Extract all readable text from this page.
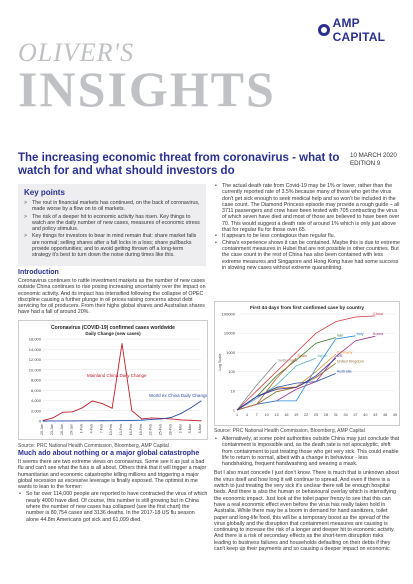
AMP CAPITAL
OLIVER'S
INSIGHTS
The increasing economic threat from coronavirus - what to watch for and what should investors do
10 MARCH 2020
EDITION 9
Key points
> The rout in financial markets has continued, on the back of coronavirus, made worse by a flow on to oil markets.
> The risk of a deeper hit to economic activity has risen. Key things to watch are the daily number of new cases, measures of economic stress and policy stimulus.
> Key things for investors to bear in mind remain that: share market falls are normal; selling shares after a fall locks in a loss; share pullbacks provide opportunities; and to avoid getting thrown off a long-term strategy it's best to turn down the noise during times like this.
Introduction
Coronavirus continues to rattle investment markets as the number of new cases outside China continues to rise posing increasing uncertainty over the impact on economic activity. And its impact has intensified following the collapse of OPEC discipline causing a further plunge in oil prices raising concerns about debt servicing for oil producers. From their highs global shares and Australian shares have had a fall of around 20%.
Coronavirus (COVID-19) confirmed cases worldwide
Daily Change (new cases)
Mainland China Daily Change
World ex China Daily Change
0
2,000
4,000
6,000
8,000
10,000
12,000
14,000
16,000
20-Jan 23-Jan 26-Jan 29-Jan 1-Feb 4-Feb 7-Feb 10-Feb 13-Feb 16-Feb 19-Feb 22-Feb 25-Feb 28-Feb 2-Mar 5-Mar 8-Mar
Source: PRC National Health Commission, Bloomberg, AMP Capital
Much ado about nothing or a major global catastrophe
It seems there are two extreme views on coronavirus. Some see it as just a bad flu and can't see what the fuss is all about. Others think that it will trigger a major humanitarian and economic catastrophe killing millions and triggering a major global recession as excessive leverage is finally exposed. The optimist in me wants to lean to the former:
• So far over 114,000 people are reported to have contracted the virus of which nearly 4000 have died. Of course, this number is still growing but in China where the number of new cases has collapsed (see the first chart) the number is 80,754 cases and 3136 deaths. In the 2017-18 US flu season alone 44.8m Americans got sick and 61,099 died.
• The actual death rate from Covid-19 may be 1% or lower, rather than the currently reported rate of 3.5% because many of those who get the virus don't get sick enough to seek medical help and so won't be included in the case count. The Diamond Princess episode may provide a rough guide – all 3711 passengers and crew have been tested with 705 contracting the virus of which seven have died and most of those are believed to have been over 70. This would suggest a death rate of around 1% which is only just above that for regular flu for those over 65.
• It appears to be less contagious than regular flu.
• China's experience shows it can be contained. Maybe this is due to extreme containment measures in Hubei that are not possible in other countries. But the case count in the rest of China has also been contained with less extreme measures and Singapore and Hong Kong have had some success in slowing new cases without extreme quarantining.
First 44 days from first confirmed case by country
1
10
100
1000
10000
100000
1 4 7 10 13 16 19 22 25 28 31 34 37 40 43 46 49
Log Scale
China
Korea
Iran
Germany
Italy
Switzerland
Japan
United Kingdom
Australia
Spain	US
Source: PRC National Health Commission, Bloomberg, AMP Capital
• Alternatively, at some point authorities outside China may just conclude that containment is impossible and, as the death rate is not apocalyptic, shift from containment to just treating those who get very sick. This could enable life to return to normal, albeit with a change in behaviour - less handshaking, frequent handwashing and wearing a mask.
But I also must concede I just don't know. There is much that is unknown about the virus itself and how long it will continue to spread. And even if there is a switch to just treating the very sick it's unclear there will be enough hospital beds. And there is also the human or behavioural overlay which is intensifying the economic impact. Just look at the toilet paper frenzy to see that this can have a real economic effect even before the virus has really taken hold in Australia. While there may be a boom in demand for hand sanitizers, toilet paper and long-life food, this will be a temporary boost as the spread of the virus globally and the disruption that containment measures are causing is continuing to increase the risk of a longer and deeper hit to economic activity. And there is a risk of secondary effects as the short-term disruption risks leading to business failures and households defaulting on their debts if they can't keep up their payments and so causing a deeper impact on economic
